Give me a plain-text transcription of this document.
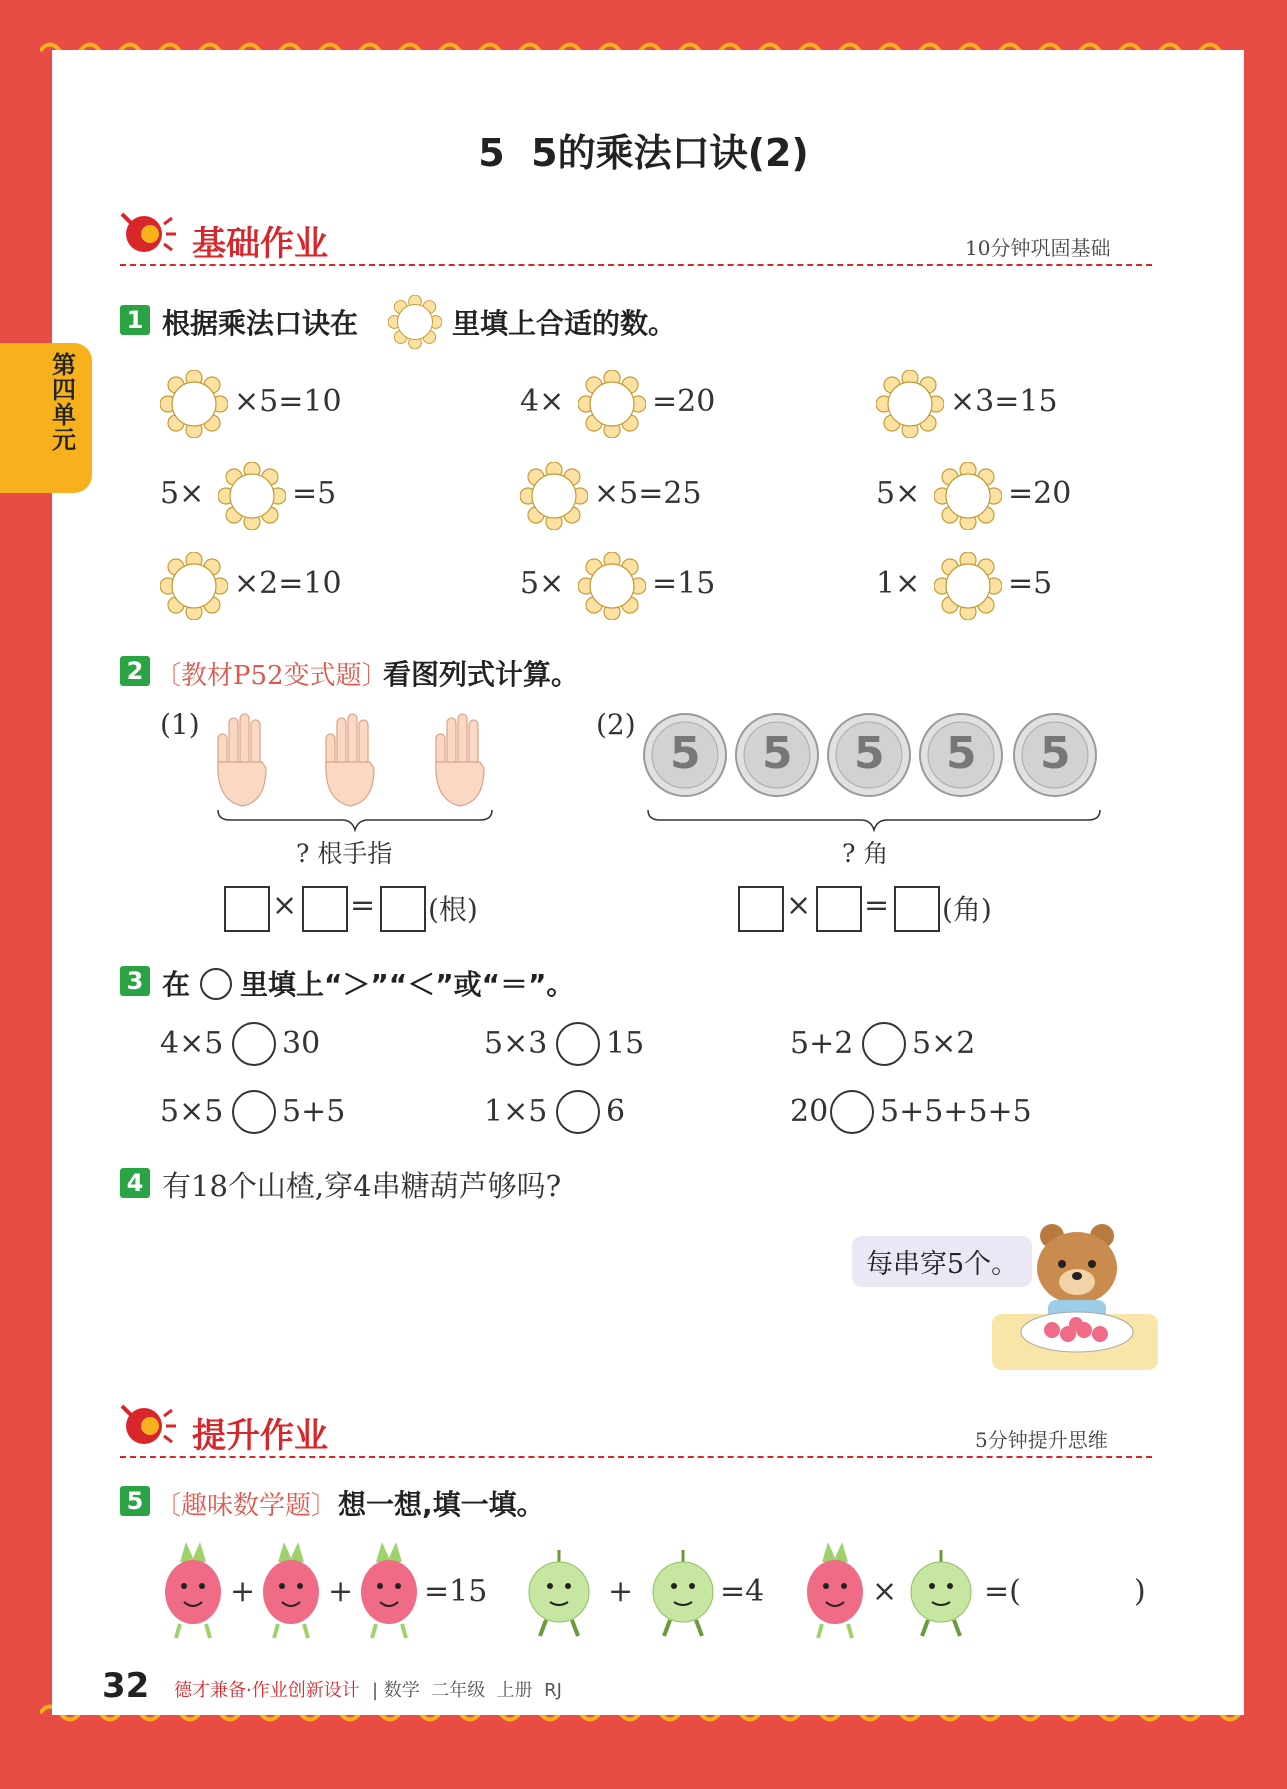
第四单元
5  5的乘法口诀(2)
基础作业	10分钟巩固基础
1 根据乘法口诀在	里填上合适的数。
×5=10	4×	=20	×3=15
5×	=5	×5=25	5×	=20
×2=10	5×	=15	1×	=5
2 〔教材P52变式题〕
看图列式计算。
(1)
? 根手指
× = (根)
(2)
5 5 5 5 5
? 角
× = (角)
3 在 里填上“＞”“＜”或“＝”。
4×5 30	5×3 15	5+2 5×2
5×5 5+5	1×5 6	20 5+5+5+5
4 有18个山楂,穿4串糖葫芦够吗?
每串穿5个。
提升作业	5分钟提升思维
5 〔趣味数学题〕 想一想,填一填。
+ + =15	+	=4	×	=(	)
32 德才兼备·作业创新设计 | 数学  二年级  上册  RJ
